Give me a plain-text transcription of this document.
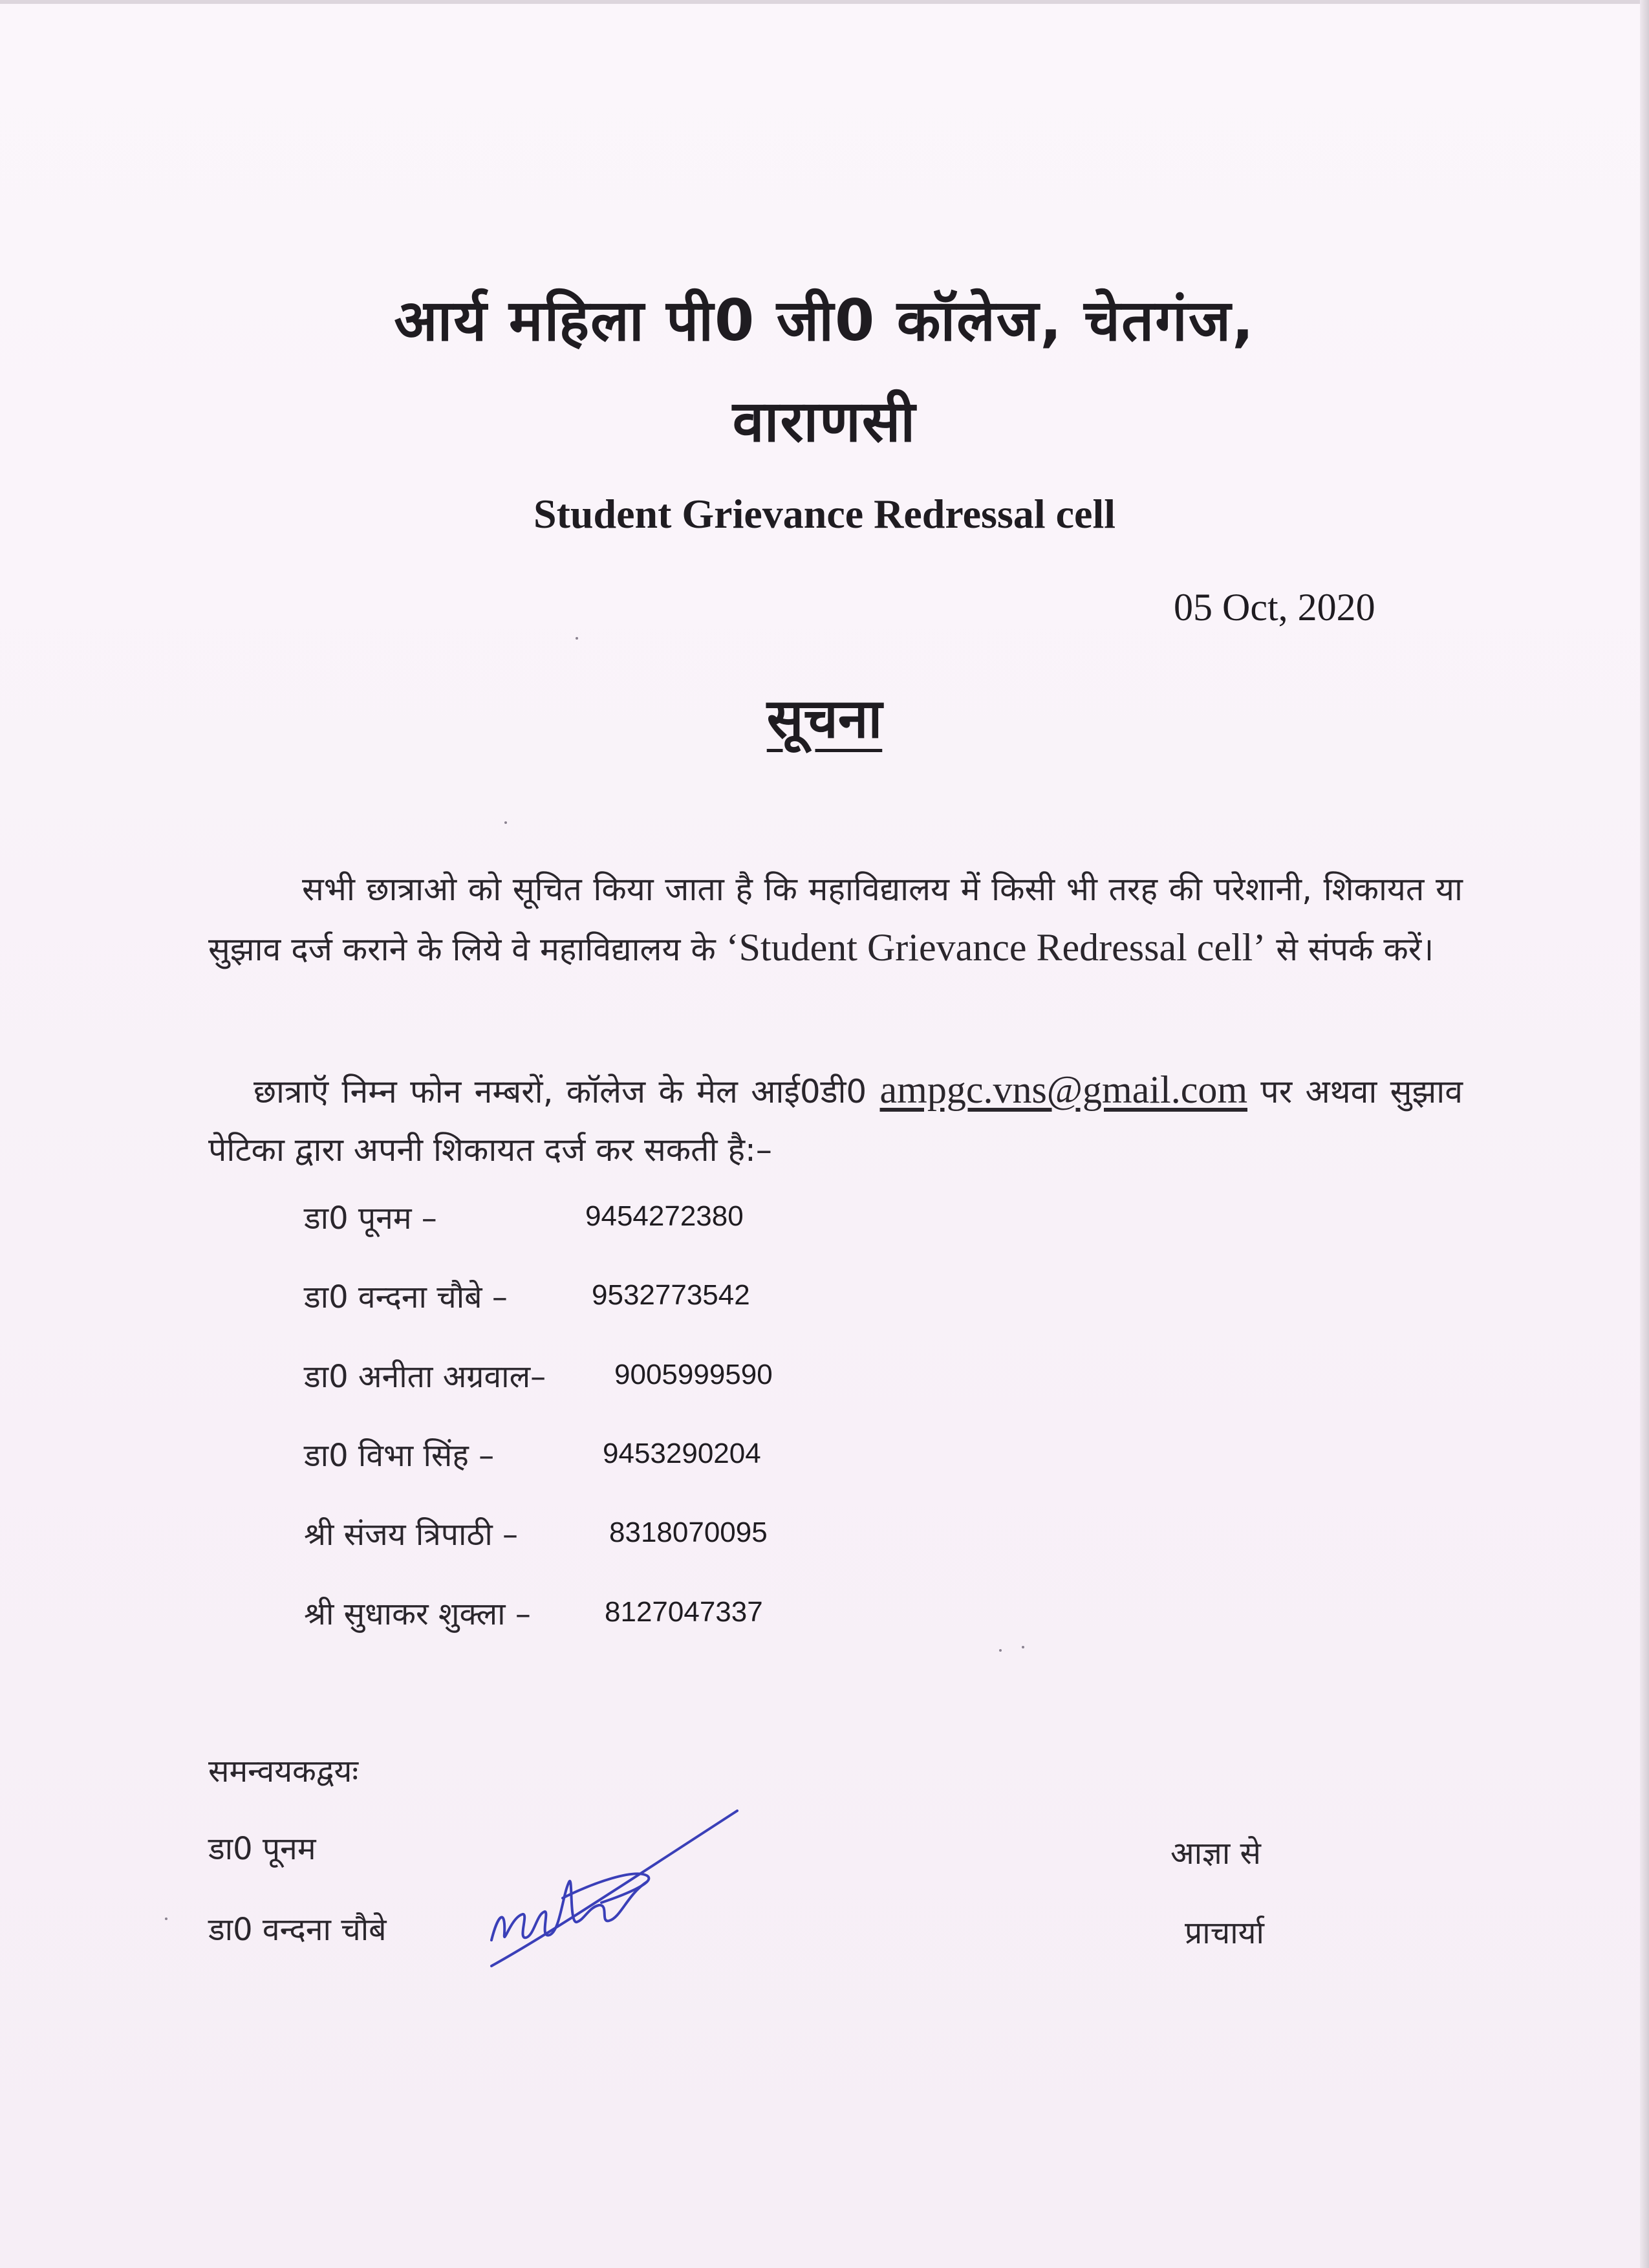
आर्य महिला पी0 जी0 कॉलेज, चेतगंज,
वाराणसी
Student Grievance Redressal cell
05 Oct, 2020
सूचना
सभी छात्राओ को सूचित किया जाता है कि महाविद्यालय में किसी भी तरह की परेशानी, शिकायत या सुझाव दर्ज कराने के लिये वे महाविद्यालय के ‘Student Grievance Redressal cell’ से संपर्क करें।
छात्राऍ निम्न फोन नम्बरों, कॉलेज के मेल आई0डी0 ampgc.vns@gmail.com पर अथवा सुझाव पेटिका द्वारा अपनी शिकायत दर्ज कर सकती है:–
डा0 पूनम –	9454272380
डा0 वन्दना चौबे –	9532773542
डा0 अनीता अग्रवाल– 9005999590
डा0 विभा सिंह –	9453290204
श्री संजय त्रिपाठी –	8318070095
श्री सुधाकर शुक्ला –	8127047337
समन्वयकद्वयः
डा0 पूनम
डा0 वन्दना चौबे
आज्ञा से
प्राचार्या
